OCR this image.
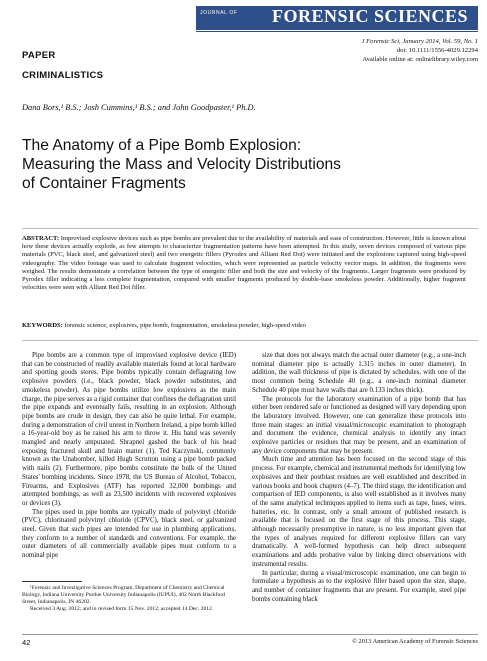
JOURNAL OF	FORENSIC SCIENCES
J Forensic Sci, January 2014, Vol. 59, No. 1
doi: 10.1111/1556-4029.12294
Available online at: onlinelibrary.wiley.com
PAPER
CRIMINALISTICS
Dana Bors,¹ B.S.; Josh Cummins,¹ B.S.; and John Goodpaster,¹ Ph.D.
The Anatomy of a Pipe Bomb Explosion:
Measuring the Mass and Velocity Distributions
of Container Fragments
ABSTRACT: Improvised explosive devices such as pipe bombs are prevalent due to the availability of materials and ease of construction. However, little is known about how these devices actually explode, as few attempts to characterize fragmentation patterns have been attempted. In this study, seven devices composed of various pipe materials (PVC, black steel, and galvanized steel) and two energetic fillers (Pyrodex and Alliant Red Dot) were initiated and the explosions captured using high-speed videography. The video footage was used to calculate fragment velocities, which were represented as particle velocity vector maps. In addition, the fragments were weighed. The results demonstrate a correlation between the type of energetic filler and both the size and velocity of the fragments. Larger fragments were produced by Pyrodex filler indicating a less complete fragmentation, compared with smaller fragments produced by double-base smokeless powder. Additionally, higher fragment velocities were seen with Alliant Red Dot filler.
KEYWORDS: forensic science, explosives, pipe bomb, fragmentation, smokeless powder, high-speed video

Pipe bombs are a common type of improvised explosive device (IED) that can be constructed of readily available materials found at local hardware and sporting goods stores. Pipe bombs typically contain deflagrating low explosive powders (i.e., black powder, black powder substitutes, and smokeless powder). As pipe bombs utilize low explosives as the main charge, the pipe serves as a rigid container that confines the deflagration until the pipe expands and eventually fails, resulting in an explosion. Although pipe bombs are crude in design, they can also be quite lethal. For example, during a demonstration of civil unrest in Northern Ireland, a pipe bomb killed a 16-year-old boy as he raised his arm to throw it. His hand was severely mangled and nearly amputated. Shrapnel gashed the back of his head exposing fractured skull and brain matter (1). Ted Kaczynski, commonly known as the Unabomber, killed Hugh Scrutton using a pipe bomb packed with nails (2). Furthermore, pipe bombs constitute the bulk of the United States' bombing incidents. Since 1978, the US Bureau of Alcohol, Tobacco, Firearms, and Explosives (ATF) has reported 32,000 bombings and attempted bombings, as well as 23,500 incidents with recovered explosives or devices (3).

The pipes used in pipe bombs are typically made of polyvinyl chloride (PVC), chlorinated polyvinyl chloride (CPVC), black steel, or galvanized steel. Given that such pipes are intended for use in plumbing applications, they conform to a number of standards and conventions. For example, the outer diameters of all commercially available pipes must conform to a nominal pipe

size that does not always match the actual outer diameter (e.g., a one-inch nominal diameter pipe is actually 1.315 inches in outer diameter). In addition, the wall thickness of pipe is dictated by schedules, with one of the most common being Schedule 40 (e.g., a one-inch nominal diameter Schedule 40 pipe must have walls that are 0.133 inches thick).

The protocols for the laboratory examination of a pipe bomb that has either been rendered safe or functioned as designed will vary depending upon the laboratory involved. However, one can generalize these protocols into three main stages: an initial visual/microscopic examination to photograph and document the evidence, chemical analysis to identify any intact explosive particles or residues that may be present, and an examination of any device components that may be present.

Much time and attention has been focused on the second stage of this process. For example, chemical and instrumental methods for identifying low explosives and their postblast residues are well established and described in various books and book chapters (4–7). The third stage, the identification and comparison of IED components, is also well established as it involves many of the same analytical techniques applied to items such as tape, fuses, wires, batteries, etc. In contrast, only a small amount of published research is available that is focused on the first stage of this process. This stage, although necessarily presumptive in nature, is no less important given that the types of analyses required for different explosive fillers can vary dramatically. A well-formed hypothesis can help direct subsequent examinations and adds probative value by linking direct observations with instrumental results.

In particular, during a visual/microscopic examination, one can begin to formulate a hypothesis as to the explosive filler based upon the size, shape, and number of container fragments that are present. For example, steel pipe bombs containing black

¹Forensic and Investigative Sciences Program, Department of Chemistry and Chemical Biology, Indiana University Purdue University Indianapolis (IUPUI), 402 North Blackford Street, Indianapolis, IN 46202.

Received 3 Aug. 2012; and in revised form 15 Nov. 2012; accepted 14 Dec. 2012.

42	© 2013 American Academy of Forensic Sciences
